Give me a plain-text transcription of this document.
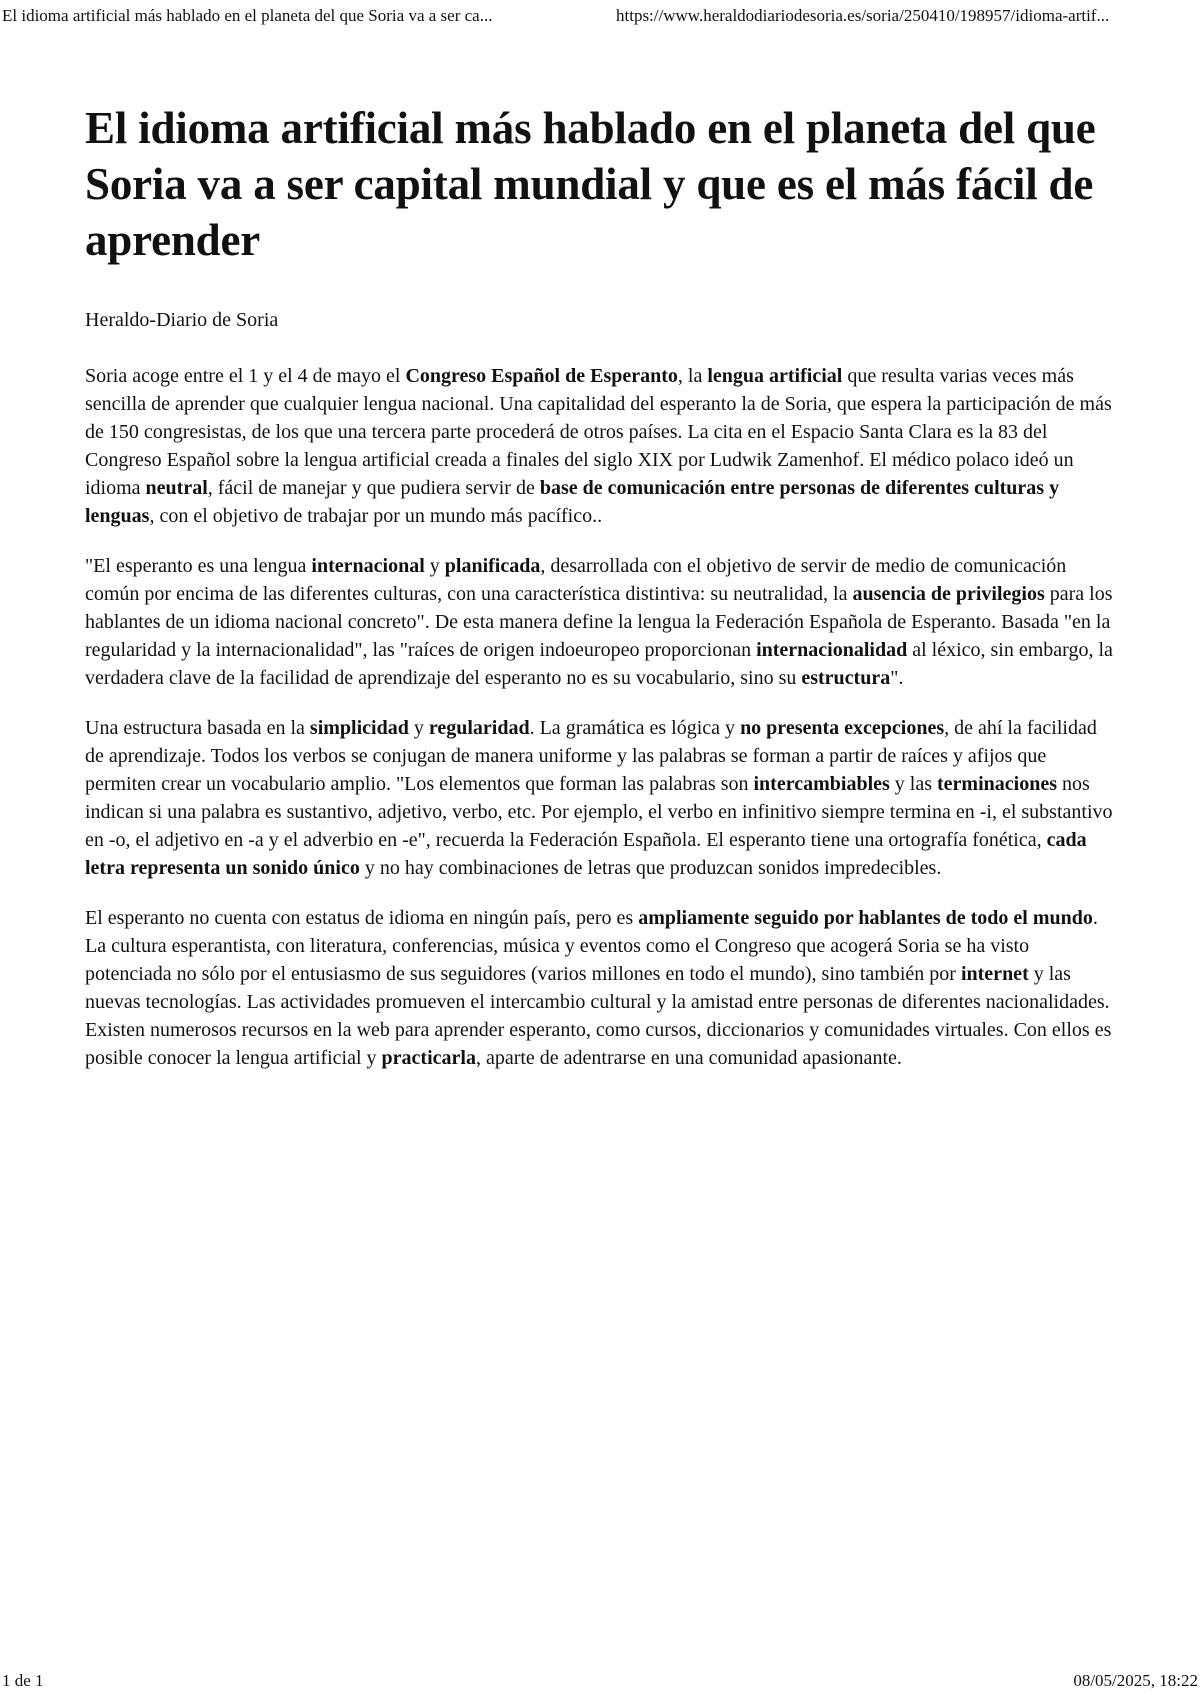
El idioma artificial más hablado en el planeta del que Soria va a ser ca...	https://www.heraldodiariodesoria.es/soria/250410/198957/idioma-artif...
El idioma artificial más hablado en el planeta del que Soria va a ser capital mundial y que es el más fácil de aprender
Heraldo-Diario de Soria

Soria acoge entre el 1 y el 4 de mayo el Congreso Español de Esperanto, la lengua artificial que resulta varias veces más sencilla de aprender que cualquier lengua nacional. Una capitalidad del esperanto la de Soria, que espera la participación de más de 150 congresistas, de los que una tercera parte procederá de otros países. La cita en el Espacio Santa Clara es la 83 del Congreso Español sobre la lengua artificial creada a finales del siglo XIX por Ludwik Zamenhof. El médico polaco ideó un idioma neutral, fácil de manejar y que pudiera servir de base de comunicación entre personas de diferentes culturas y lenguas, con el objetivo de trabajar por un mundo más pacífico..

"El esperanto es una lengua internacional y planificada, desarrollada con el objetivo de servir de medio de comunicación común por encima de las diferentes culturas, con una característica distintiva: su neutralidad, la ausencia de privilegios para los hablantes de un idioma nacional concreto". De esta manera define la lengua la Federación Española de Esperanto. Basada "en la regularidad y la internacionalidad", las "raíces de origen indoeuropeo proporcionan internacionalidad al léxico, sin embargo, la verdadera clave de la facilidad de aprendizaje del esperanto no es su vocabulario, sino su estructura".

Una estructura basada en la simplicidad y regularidad. La gramática es lógica y no presenta excepciones, de ahí la facilidad de aprendizaje. Todos los verbos se conjugan de manera uniforme y las palabras se forman a partir de raíces y afijos que permiten crear un vocabulario amplio. "Los elementos que forman las palabras son intercambiables y las terminaciones nos indican si una palabra es sustantivo, adjetivo, verbo, etc. Por ejemplo, el verbo en infinitivo siempre termina en -i, el substantivo en -o, el adjetivo en -a y el adverbio en -e", recuerda la Federación Española. El esperanto tiene una ortografía fonética, cada letra representa un sonido único y no hay combinaciones de letras que produzcan sonidos impredecibles.

El esperanto no cuenta con estatus de idioma en ningún país, pero es ampliamente seguido por hablantes de todo el mundo. La cultura esperantista, con literatura, conferencias, música y eventos como el Congreso que acogerá Soria se ha visto potenciada no sólo por el entusiasmo de sus seguidores (varios millones en todo el mundo), sino también por internet y las nuevas tecnologías. Las actividades promueven el intercambio cultural y la amistad entre personas de diferentes nacionalidades. Existen numerosos recursos en la web para aprender esperanto, como cursos, diccionarios y comunidades virtuales. Con ellos es posible conocer la lengua artificial y practicarla, aparte de adentrarse en una comunidad apasionante.

1 de 1	08/05/2025, 18:22
